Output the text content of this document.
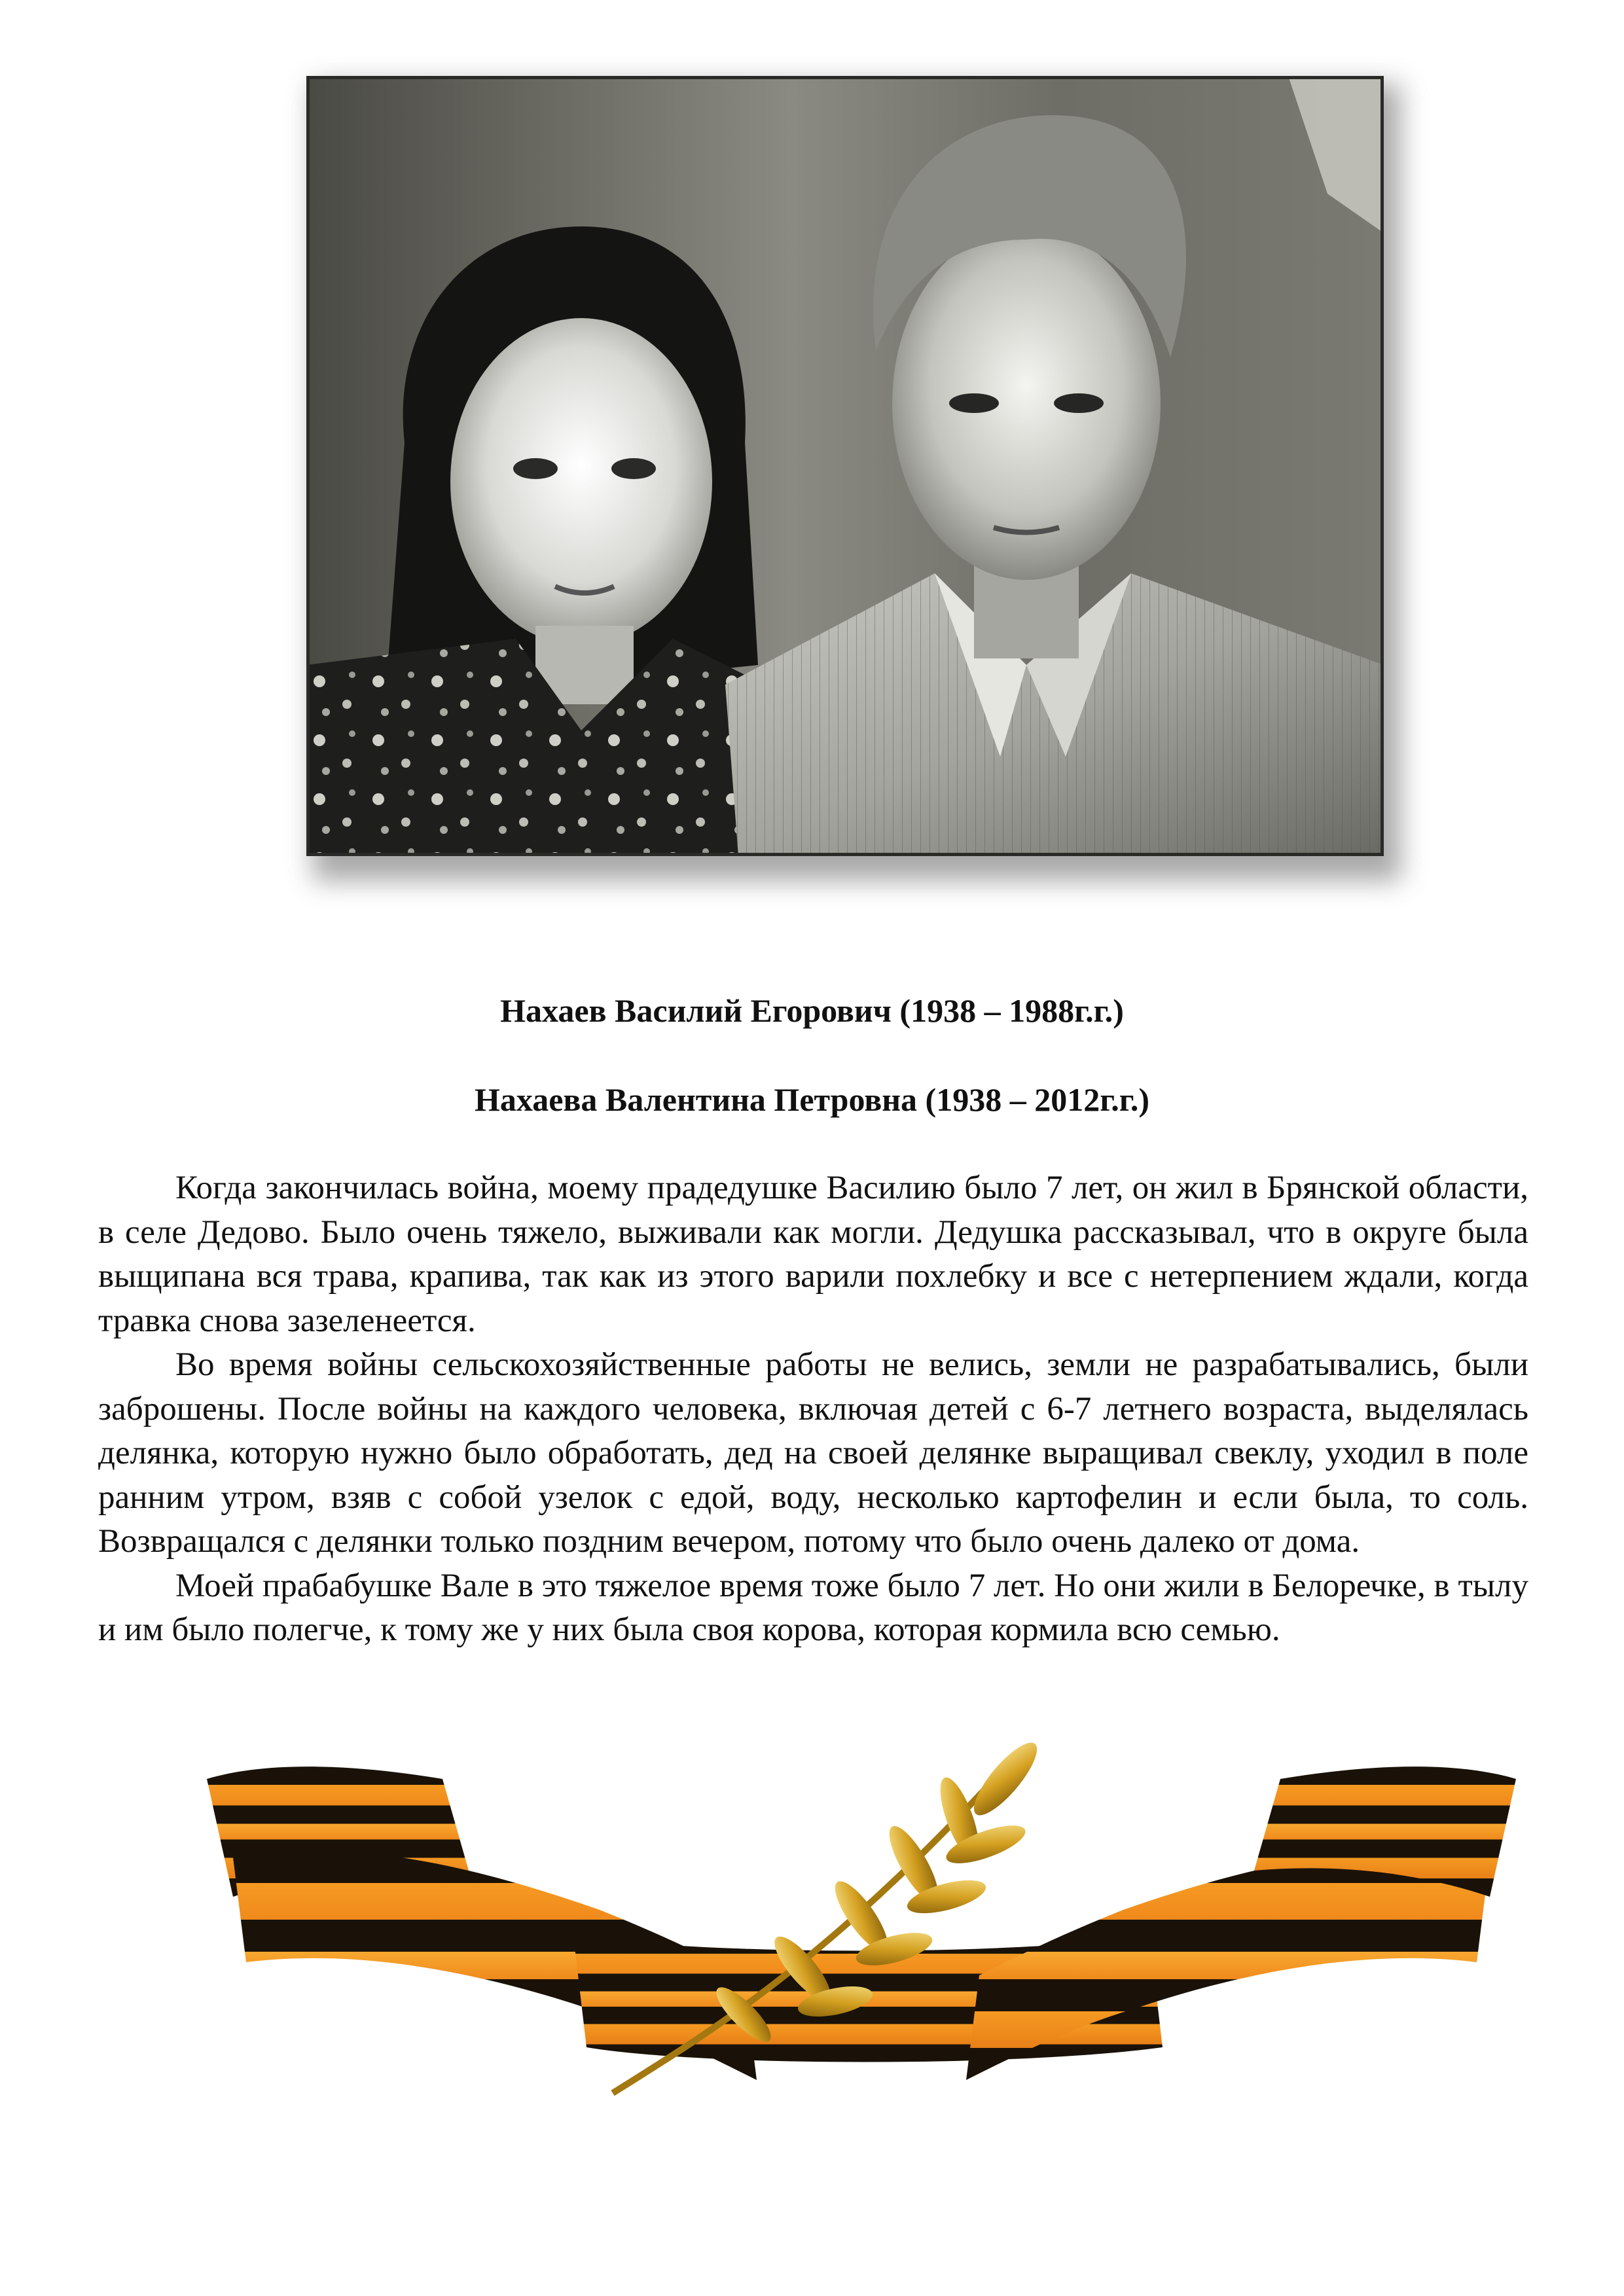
Нахаев Василий Егорович (1938 – 1988г.г.)
Нахаева Валентина Петровна (1938 – 2012г.г.)

Когда закончилась война, моему прадедушке Василию было 7 лет, он жил в Брянской области, в селе Дедово. Было очень тяжело, выживали как могли. Дедушка рассказывал, что в округе была выщипана вся трава, крапива, так как из этого варили похлебку и все с нетерпением ждали, когда травка снова зазеленеется.

Во время войны сельскохозяйственные работы не велись, земли не разрабатывались, были заброшены. После войны на каждого человека, включая детей с 6-7 летнего возраста, выделялась делянка, которую нужно было обработать, дед на своей делянке выращивал свеклу, уходил в поле ранним утром, взяв с собой узелок с едой, воду, несколько картофелин и если была, то соль. Возвращался с делянки только поздним вечером, потому что было очень далеко от дома.

Моей прабабушке Вале в это тяжелое время тоже было 7 лет. Но они жили в Белоречке, в тылу и им было полегче, к тому же у них была своя корова, которая кормила всю семью.
